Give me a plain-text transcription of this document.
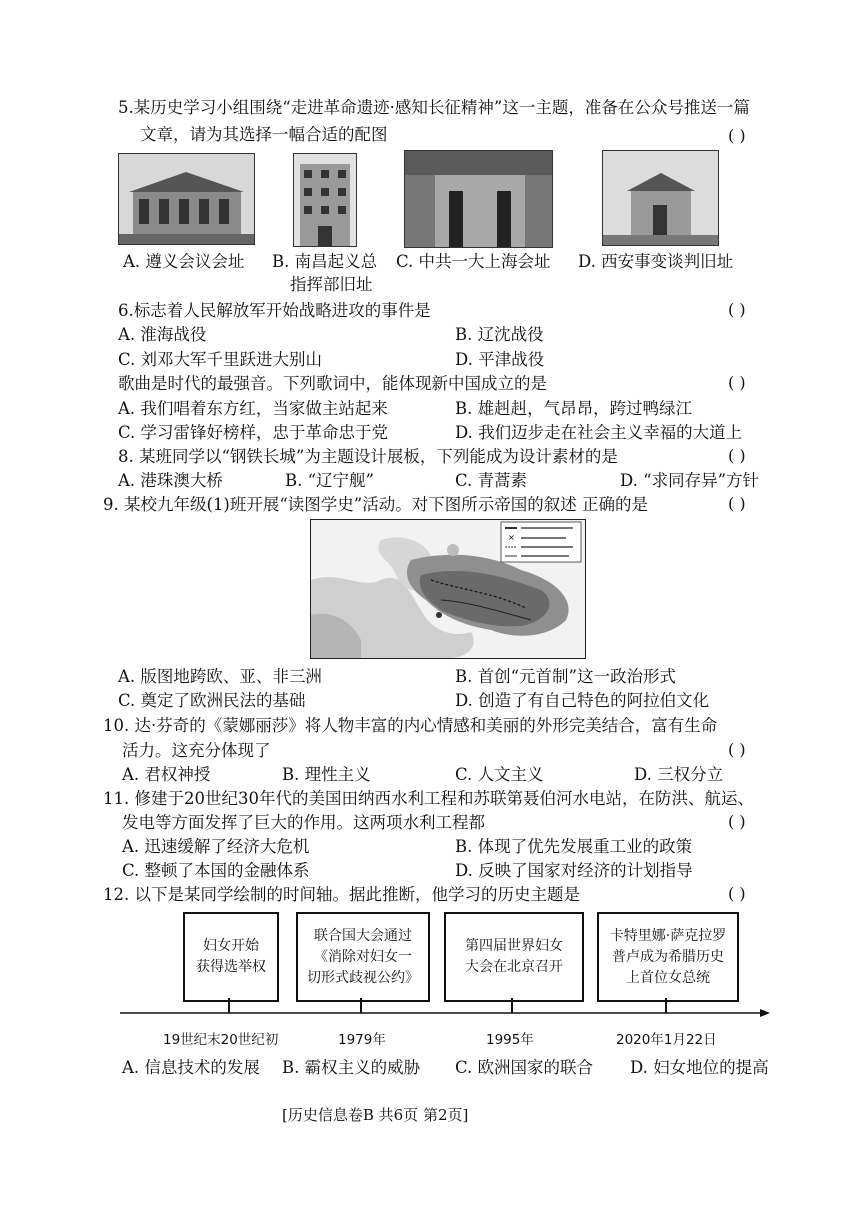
5.某历史学习小组围绕“走进革命遗迹·感知长征精神”这一主题，准备在公众号推送一篇
文章，请为其选择一幅合适的配图	( )
A. 遵义会议会址 B. 南昌起义总
指挥部旧址
C. 中共一大上海会址 D. 西安事变谈判旧址
6.标志着人民解放军开始战略进攻的事件是	( )
A. 淮海战役	B. 辽沈战役
C. 刘邓大军千里跃进大别山	D. 平津战役
歌曲是时代的最强音。下列歌词中，能体现新中国成立的是	( )
A. 我们唱着东方红，当家做主站起来	B. 雄赳赳，气昂昂，跨过鸭绿江
C. 学习雷锋好榜样，忠于革命忠于党	D. 我们迈步走在社会主义幸福的大道上
8. 某班同学以“钢铁长城”为主题设计展板，下列能成为设计素材的是	( )
A. 港珠澳大桥	B. “辽宁舰”	C. 青蒿素	D. “求同存异”方针
9. 某校九年级(1)班开展“读图学史”活动。对下图所示帝国的叙述 正确的是	( )
×
A. 版图地跨欧、亚、非三洲	B. 首创“元首制”这一政治形式
C. 奠定了欧洲民法的基础	D. 创造了有自己特色的阿拉伯文化
10. 达·芬奇的《蒙娜丽莎》将人物丰富的内心情感和美丽的外形完美结合，富有生命
活力。这充分体现了	( )
A. 君权神授	B. 理性主义	C. 人文主义	D. 三权分立
11. 修建于20世纪30年代的美国田纳西水利工程和苏联第聂伯河水电站，在防洪、航运、
发电等方面发挥了巨大的作用。这两项水利工程都	( )
A. 迅速缓解了经济大危机	B. 体现了优先发展重工业的政策
C. 整顿了本国的金融体系	D. 反映了国家对经济的计划指导
12. 以下是某同学绘制的时间轴。据此推断，他学习的历史主题是	( )
妇女开始
获得选举权
联合国大会通过
《消除对妇女一
切形式歧视公约》
第四届世界妇女
大会在北京召开
卡特里娜·萨克拉罗
普卢成为希腊历史
上首位女总统
19世纪末20世纪初	1979年	1995年	2020年1月22日
A. 信息技术的发展 B. 霸权主义的威胁 C. 欧洲国家的联合 D. 妇女地位的提高
[历史信息卷B 共6页 第2页]
